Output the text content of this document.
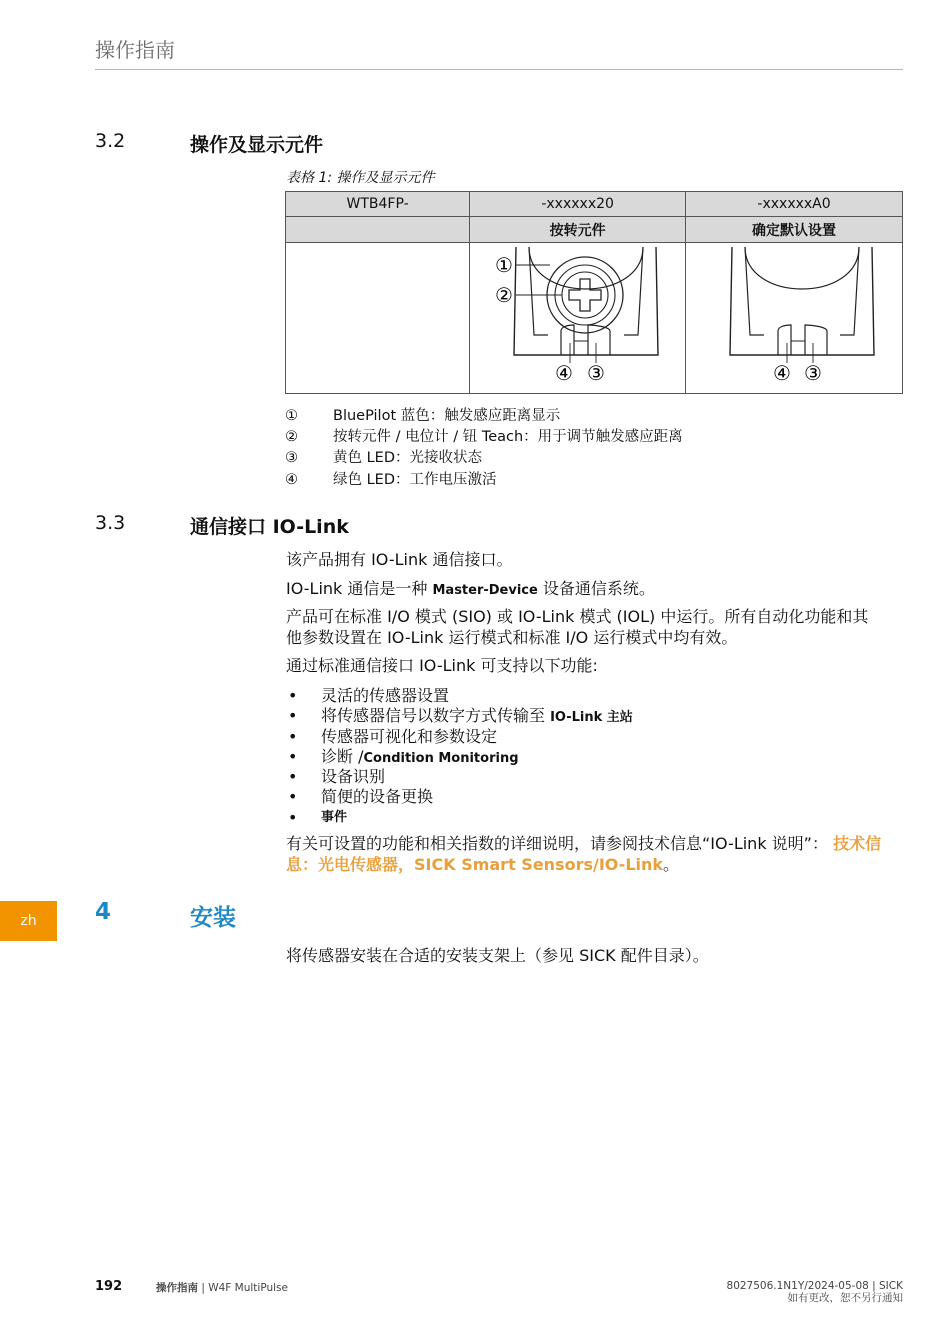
操作指南
3.2	操作及显示元件
表格 1: 操作及显示元件
WTB4FP-	-xxxxxx20	-xxxxxxA0
	按转元件	确定默认设置

①
②
④ ③	④ ③
① BluePilot 蓝色：触发感应距离显示
② 按转元件 / 电位计 / 钮 Teach：用于调节触发感应距离
③ 黄色 LED：光接收状态
④ 绿色 LED：工作电压激活
3.3	通信接口 IO-Link
该产品拥有 IO-Link 通信接口。
IO-Link 通信是一种 Master-Device 设备通信系统。
产品可在标准 I/O 模式 (SIO) 或 IO-Link 模式 (IOL) 中运行。所有自动化功能和其
他参数设置在 IO-Link 运行模式和标准 I/O 运行模式中均有效。
通过标准通信接口 IO-Link 可支持以下功能:
• 灵活的传感器设置
• 将传感器信号以数字方式传输至 IO-Link 主站
• 传感器可视化和参数设定
• 诊断 /Condition Monitoring
• 设备识别
• 简便的设备更换
• 事件
有关可设置的功能和相关指数的详细说明，请参阅技术信息“IO-Link 说明”： 技术信
息：光电传感器，SICK Smart Sensors/IO-Link。
zh	4	安装
将传感器安装在合适的安装支架上（参见 SICK 配件目录）。
192	操作指南 | W4F MultiPulse	8027506.1N1Y/2024-05-08 | SICK
如有更改，恕不另行通知
